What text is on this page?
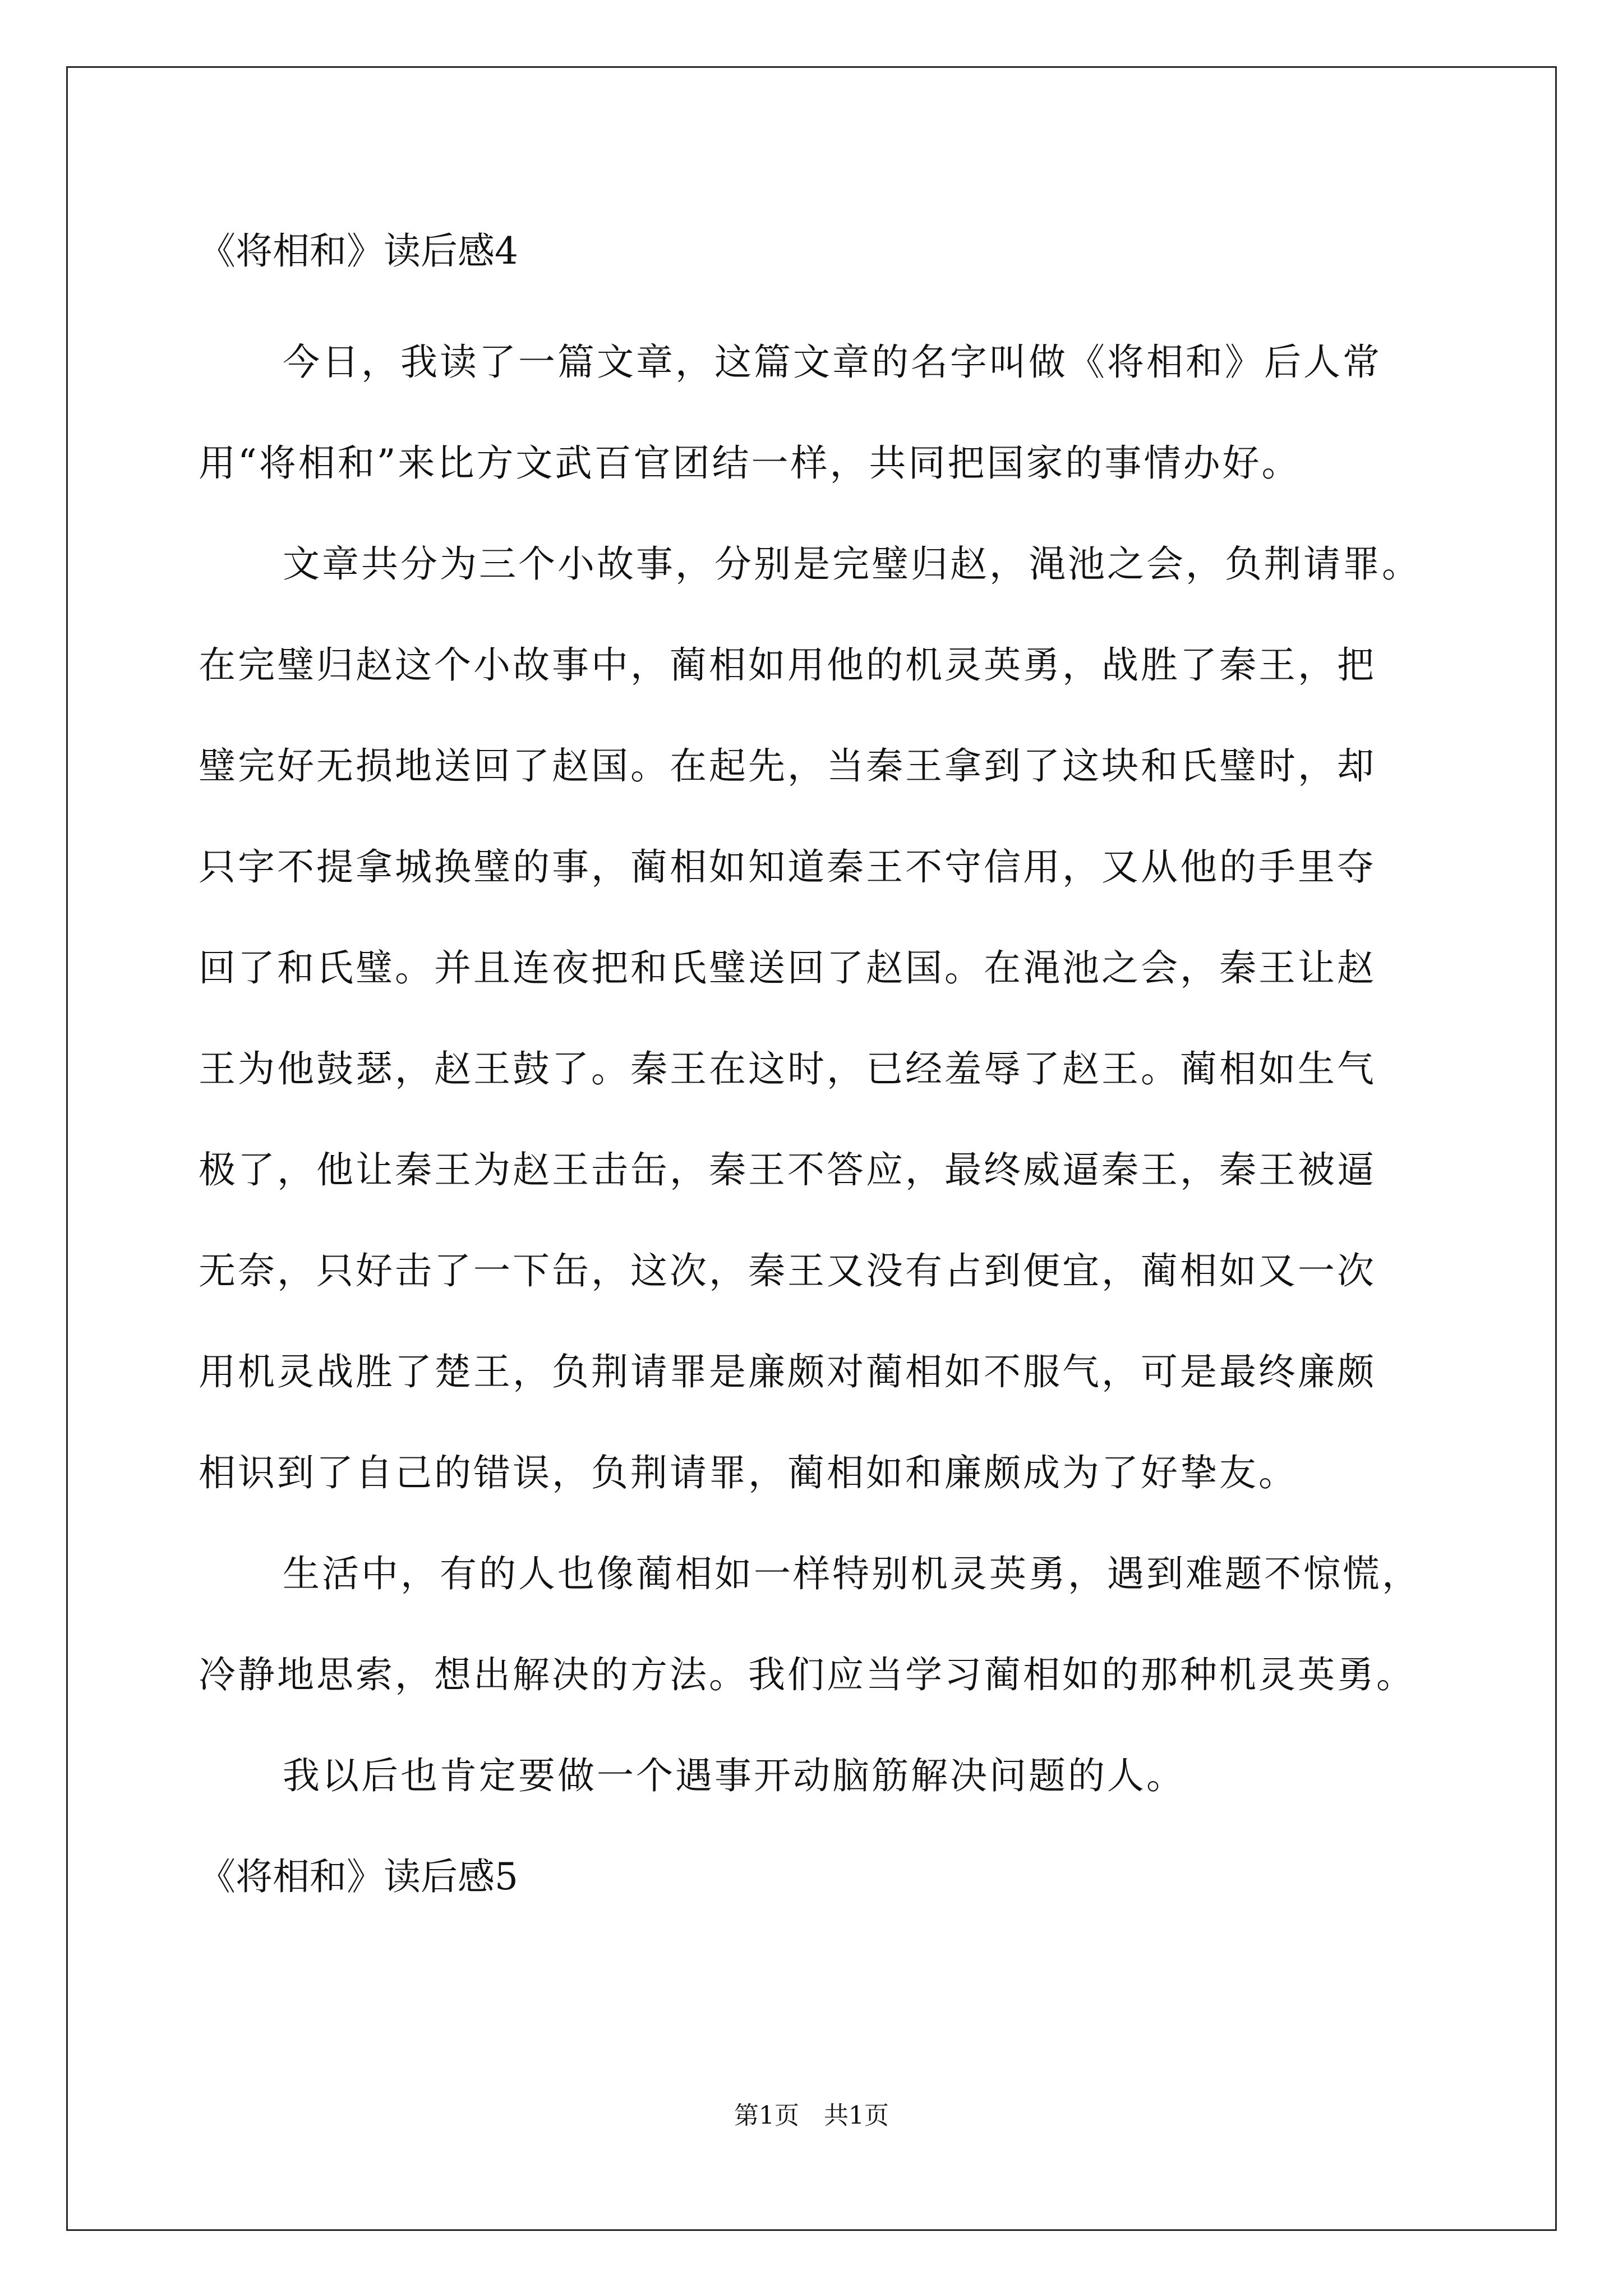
《将相和》读后感4
今日，我读了一篇文章，这篇文章的名字叫做《将相和》后人常
用“将相和”来比方文武百官团结一样，共同把国家的事情办好。
文章共分为三个小故事，分别是完璧归赵，渑池之会，负荆请罪。
在完璧归赵这个小故事中，蔺相如用他的机灵英勇，战胜了秦王，把
璧完好无损地送回了赵国。在起先，当秦王拿到了这块和氏璧时，却
只字不提拿城换璧的事，蔺相如知道秦王不守信用，又从他的手里夺
回了和氏璧。并且连夜把和氏璧送回了赵国。在渑池之会，秦王让赵
王为他鼓瑟，赵王鼓了。秦王在这时，已经羞辱了赵王。蔺相如生气
极了，他让秦王为赵王击缶，秦王不答应，最终威逼秦王，秦王被逼
无奈，只好击了一下缶，这次，秦王又没有占到便宜，蔺相如又一次
用机灵战胜了楚王，负荆请罪是廉颇对蔺相如不服气，可是最终廉颇
相识到了自己的错误，负荆请罪，蔺相如和廉颇成为了好挚友。
生活中，有的人也像蔺相如一样特别机灵英勇，遇到难题不惊慌，
冷静地思索，想出解决的方法。我们应当学习蔺相如的那种机灵英勇。
我以后也肯定要做一个遇事开动脑筋解决问题的人。
《将相和》读后感5
第1页　共1页
